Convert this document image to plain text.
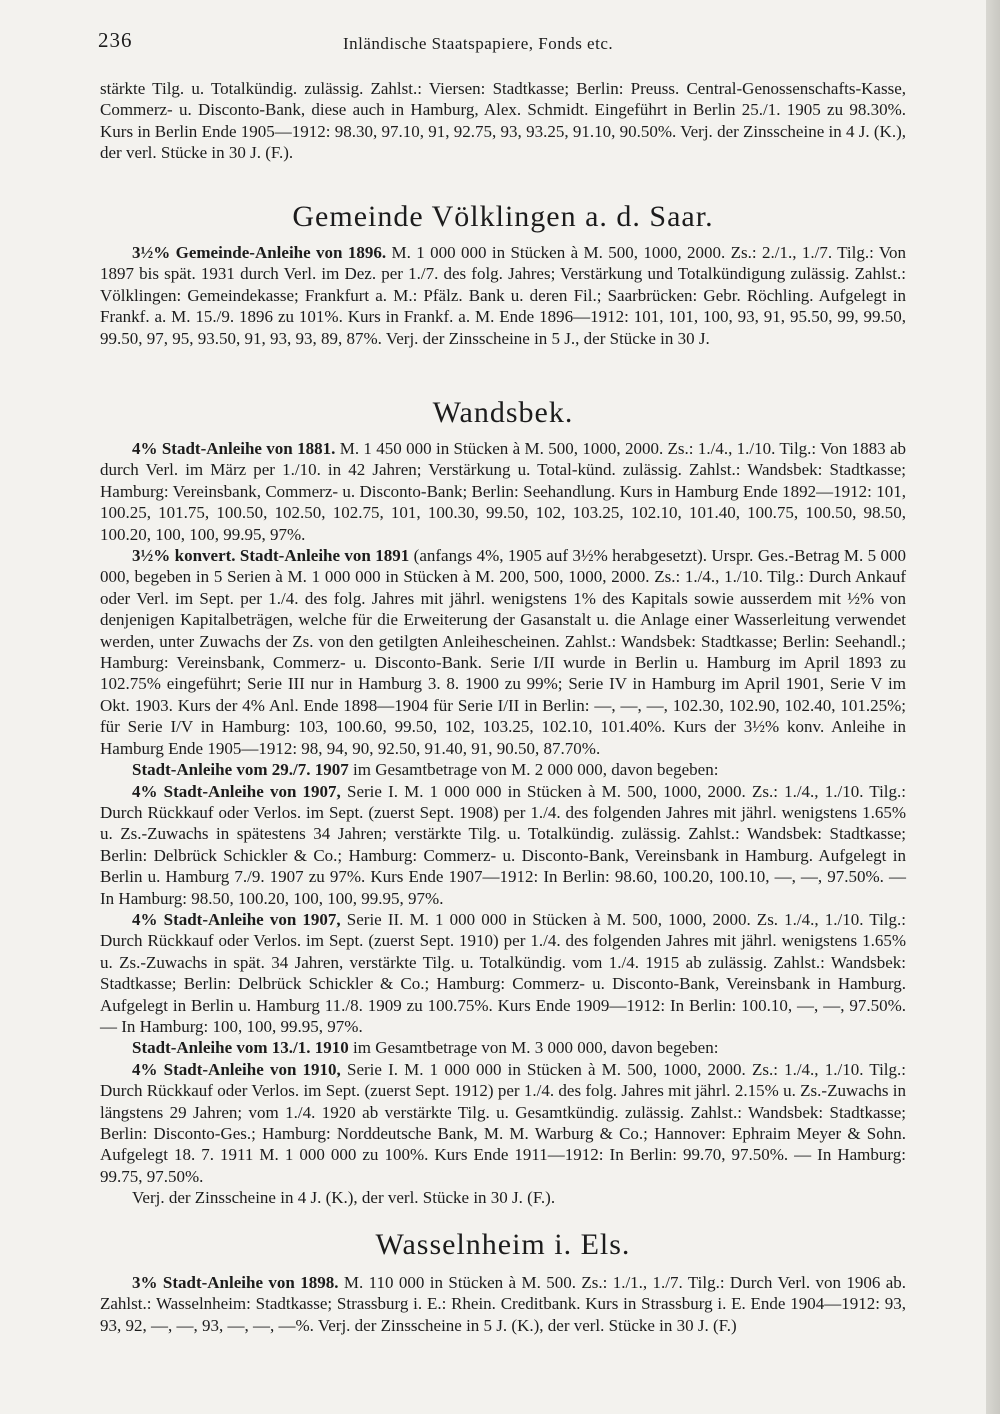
236	Inländische Staatspapiere, Fonds etc.

stärkte Tilg. u. Totalkündig. zulässig. Zahlst.: Viersen: Stadtkasse; Berlin: Preuss. Central-Genossenschafts-Kasse, Commerz- u. Disconto-Bank, diese auch in Hamburg, Alex. Schmidt. Eingeführt in Berlin 25./1. 1905 zu 98.30%. Kurs in Berlin Ende 1905—1912: 98.30, 97.10, 91, 92.75, 93, 93.25, 91.10, 90.50%. Verj. der Zinsscheine in 4 J. (K.), der verl. Stücke in 30 J. (F.).

Gemeinde Völklingen a. d. Saar.

3½% Gemeinde-Anleihe von 1896. M. 1 000 000 in Stücken à M. 500, 1000, 2000. Zs.: 2./1., 1./7. Tilg.: Von 1897 bis spät. 1931 durch Verl. im Dez. per 1./7. des folg. Jahres; Verstärkung und Totalkündigung zulässig. Zahlst.: Völklingen: Gemeindekasse; Frankfurt a. M.: Pfälz. Bank u. deren Fil.; Saarbrücken: Gebr. Röchling. Aufgelegt in Frankf. a. M. 15./9. 1896 zu 101%. Kurs in Frankf. a. M. Ende 1896—1912: 101, 101, 100, 93, 91, 95.50, 99, 99.50, 99.50, 97, 95, 93.50, 91, 93, 93, 89, 87%. Verj. der Zinsscheine in 5 J., der Stücke in 30 J.

Wandsbek.

4% Stadt-Anleihe von 1881. M. 1 450 000 in Stücken à M. 500, 1000, 2000. Zs.: 1./4., 1./10. Tilg.: Von 1883 ab durch Verl. im März per 1./10. in 42 Jahren; Verstärkung u. Total-künd. zulässig. Zahlst.: Wandsbek: Stadtkasse; Hamburg: Vereinsbank, Commerz- u. Disconto-Bank; Berlin: Seehandlung. Kurs in Hamburg Ende 1892—1912: 101, 100.25, 101.75, 100.50, 102.50, 102.75, 101, 100.30, 99.50, 102, 103.25, 102.10, 101.40, 100.75, 100.50, 98.50, 100.20, 100, 100, 99.95, 97%.

3½% konvert. Stadt-Anleihe von 1891 (anfangs 4%, 1905 auf 3½% herabgesetzt). Urspr. Ges.-Betrag M. 5 000 000, begeben in 5 Serien à M. 1 000 000 in Stücken à M. 200, 500, 1000, 2000. Zs.: 1./4., 1./10. Tilg.: Durch Ankauf oder Verl. im Sept. per 1./4. des folg. Jahres mit jährl. wenigstens 1% des Kapitals sowie ausserdem mit ½% von denjenigen Kapitalbeträgen, welche für die Erweiterung der Gasanstalt u. die Anlage einer Wasserleitung verwendet werden, unter Zuwachs der Zs. von den getilgten Anleihescheinen. Zahlst.: Wandsbek: Stadtkasse; Berlin: Seehandl.; Hamburg: Vereinsbank, Commerz- u. Disconto-Bank. Serie I/II wurde in Berlin u. Hamburg im April 1893 zu 102.75% eingeführt; Serie III nur in Hamburg 3. 8. 1900 zu 99%; Serie IV in Hamburg im April 1901, Serie V im Okt. 1903. Kurs der 4% Anl. Ende 1898—1904 für Serie I/II in Berlin: —, —, —, 102.30, 102.90, 102.40, 101.25%; für Serie I/V in Hamburg: 103, 100.60, 99.50, 102, 103.25, 102.10, 101.40%. Kurs der 3½% konv. Anleihe in Hamburg Ende 1905—1912: 98, 94, 90, 92.50, 91.40, 91, 90.50, 87.70%.

Stadt-Anleihe vom 29./7. 1907 im Gesamtbetrage von M. 2 000 000, davon begeben:

4% Stadt-Anleihe von 1907, Serie I. M. 1 000 000 in Stücken à M. 500, 1000, 2000. Zs.: 1./4., 1./10. Tilg.: Durch Rückkauf oder Verlos. im Sept. (zuerst Sept. 1908) per 1./4. des folgenden Jahres mit jährl. wenigstens 1.65% u. Zs.-Zuwachs in spätestens 34 Jahren; verstärkte Tilg. u. Totalkündig. zulässig. Zahlst.: Wandsbek: Stadtkasse; Berlin: Delbrück Schickler & Co.; Hamburg: Commerz- u. Disconto-Bank, Vereinsbank in Hamburg. Aufgelegt in Berlin u. Hamburg 7./9. 1907 zu 97%. Kurs Ende 1907—1912: In Berlin: 98.60, 100.20, 100.10, —, —, 97.50%. — In Hamburg: 98.50, 100.20, 100, 100, 99.95, 97%.

4% Stadt-Anleihe von 1907, Serie II. M. 1 000 000 in Stücken à M. 500, 1000, 2000. Zs. 1./4., 1./10. Tilg.: Durch Rückkauf oder Verlos. im Sept. (zuerst Sept. 1910) per 1./4. des folgenden Jahres mit jährl. wenigstens 1.65% u. Zs.-Zuwachs in spät. 34 Jahren, verstärkte Tilg. u. Totalkündig. vom 1./4. 1915 ab zulässig. Zahlst.: Wandsbek: Stadtkasse; Berlin: Delbrück Schickler & Co.; Hamburg: Commerz- u. Disconto-Bank, Vereinsbank in Hamburg. Aufgelegt in Berlin u. Hamburg 11./8. 1909 zu 100.75%. Kurs Ende 1909—1912: In Berlin: 100.10, —, —, 97.50%. — In Hamburg: 100, 100, 99.95, 97%.

Stadt-Anleihe vom 13./1. 1910 im Gesamtbetrage von M. 3 000 000, davon begeben:

4% Stadt-Anleihe von 1910, Serie I. M. 1 000 000 in Stücken à M. 500, 1000, 2000. Zs.: 1./4., 1./10. Tilg.: Durch Rückkauf oder Verlos. im Sept. (zuerst Sept. 1912) per 1./4. des folg. Jahres mit jährl. 2.15% u. Zs.-Zuwachs in längstens 29 Jahren; vom 1./4. 1920 ab verstärkte Tilg. u. Gesamtkündig. zulässig. Zahlst.: Wandsbek: Stadtkasse; Berlin: Disconto-Ges.; Hamburg: Norddeutsche Bank, M. M. Warburg & Co.; Hannover: Ephraim Meyer & Sohn. Aufgelegt 18. 7. 1911 M. 1 000 000 zu 100%. Kurs Ende 1911—1912: In Berlin: 99.70, 97.50%. — In Hamburg: 99.75, 97.50%.

Verj. der Zinsscheine in 4 J. (K.), der verl. Stücke in 30 J. (F.).

Wasselnheim i. Els.

3% Stadt-Anleihe von 1898. M. 110 000 in Stücken à M. 500. Zs.: 1./1., 1./7. Tilg.: Durch Verl. von 1906 ab. Zahlst.: Wasselnheim: Stadtkasse; Strassburg i. E.: Rhein. Creditbank. Kurs in Strassburg i. E. Ende 1904—1912: 93, 93, 92, —, —, 93, —, —, —%. Verj. der Zinsscheine in 5 J. (K.), der verl. Stücke in 30 J. (F.)
